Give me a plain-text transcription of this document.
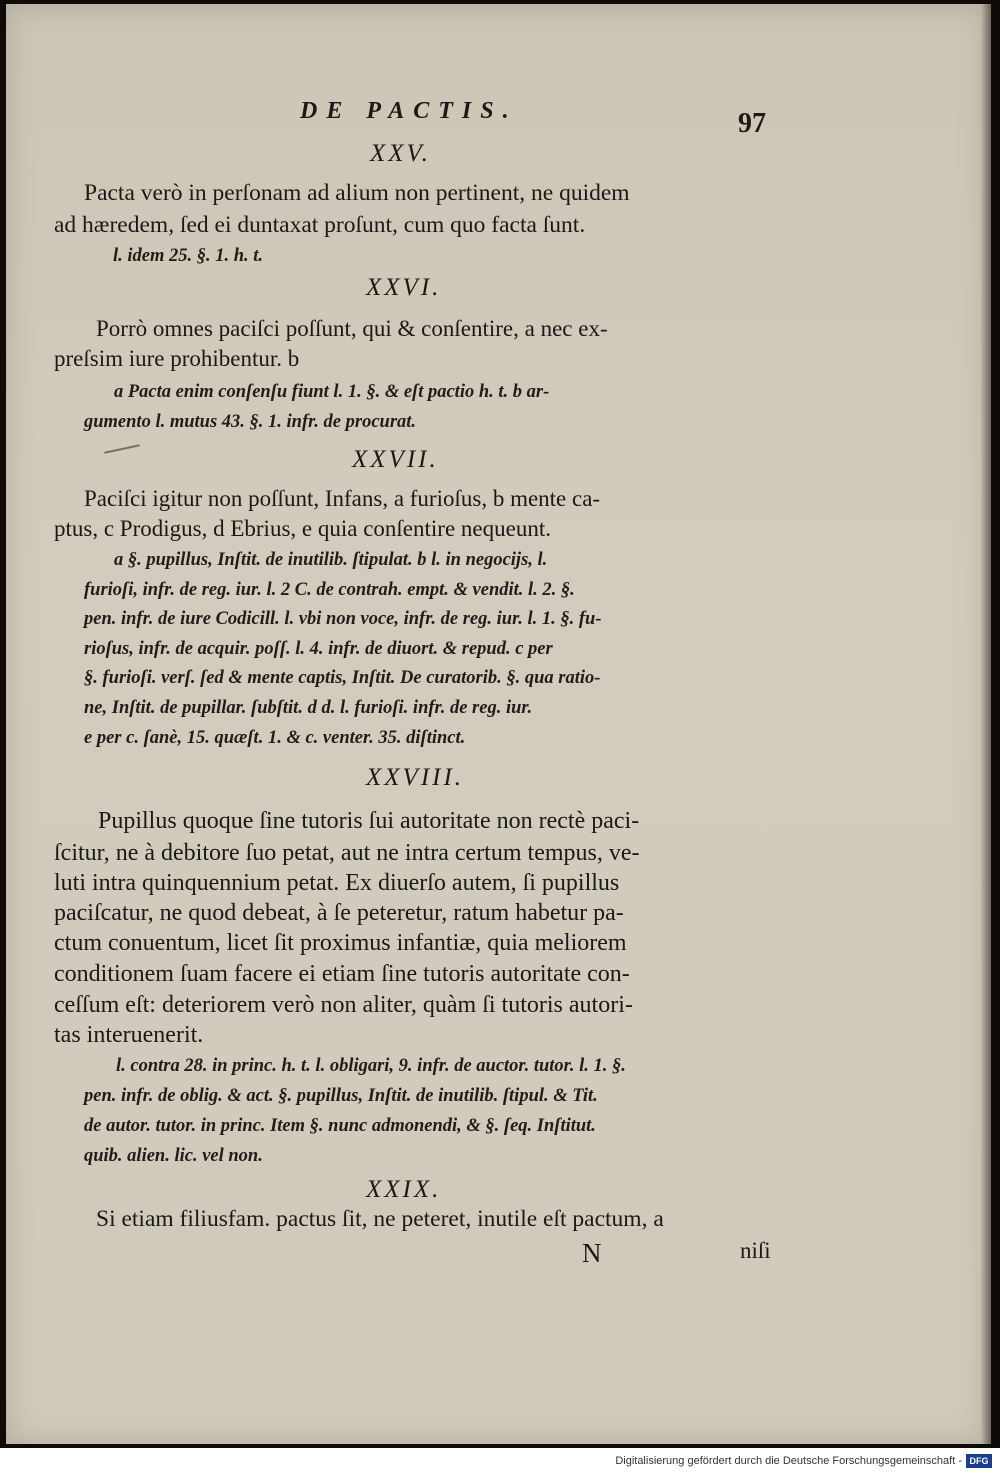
DE PACTIS.	97
XXV.
Pacta verò in perſonam ad alium non pertinent, ne quidem
ad hæredem, ſed ei duntaxat proſunt, cum quo facta ſunt.
l. idem 25. §. 1. h. t.
XXVI.
Porrò omnes paciſci poſſunt, qui & conſentire, a nec ex-
preſsim iure prohibentur. b
a Pacta enim conſenſu fiunt l. 1. §. & eſt pactio h. t. b ar-
gumento l. mutus 43. §. 1. infr. de procurat.
XXVII.
Paciſci igitur non poſſunt, Infans, a furioſus, b mente ca-
ptus, c Prodigus, d Ebrius, e quia conſentire nequeunt.
a §. pupillus, Inſtit. de inutilib. ſtipulat. b l. in negocijs, l.
furioſi, infr. de reg. iur. l. 2 C. de contrah. empt. & vendit. l. 2. §.
pen. infr. de iure Codicill. l. vbi non voce, infr. de reg. iur. l. 1. §. fu-
rioſus, infr. de acquir. poſſ. l. 4. infr. de diuort. & repud. c per
§. furioſi. verſ. ſed & mente captis, Inſtit. De curatorib. §. qua ratio-
ne, Inſtit. de pupillar. ſubſtit. d d. l. furioſi. infr. de reg. iur.
e per c. ſanè, 15. quæſt. 1. & c. venter. 35. diſtinct.
XXVIII.
Pupillus quoque ſine tutoris ſui autoritate non rectè paci-
ſcitur, ne à debitore ſuo petat, aut ne intra certum tempus, ve-
luti intra quinquennium petat. Ex diuerſo autem, ſi pupillus
paciſcatur, ne quod debeat, à ſe peteretur, ratum habetur pa-
ctum conuentum, licet ſit proximus infantiæ, quia meliorem
conditionem ſuam facere ei etiam ſine tutoris autoritate con-
ceſſum eſt: deteriorem verò non aliter, quàm ſi tutoris autori-
tas interuenerit.
l. contra 28. in princ. h. t. l. obligari, 9. infr. de auctor. tutor. l. 1. §.
pen. infr. de oblig. & act. §. pupillus, Inſtit. de inutilib. ſtipul. & Tit.
de autor. tutor. in princ. Item §. nunc admonendi, & §. ſeq. Inſtitut.
quib. alien. lic. vel non.
XXIX.
Si etiam filiusfam. pactus ſit, ne peteret, inutile eſt pactum, a
N	niſi
Digitalisierung gefördert durch die Deutsche Forschungsgemeinschaft - DFG
